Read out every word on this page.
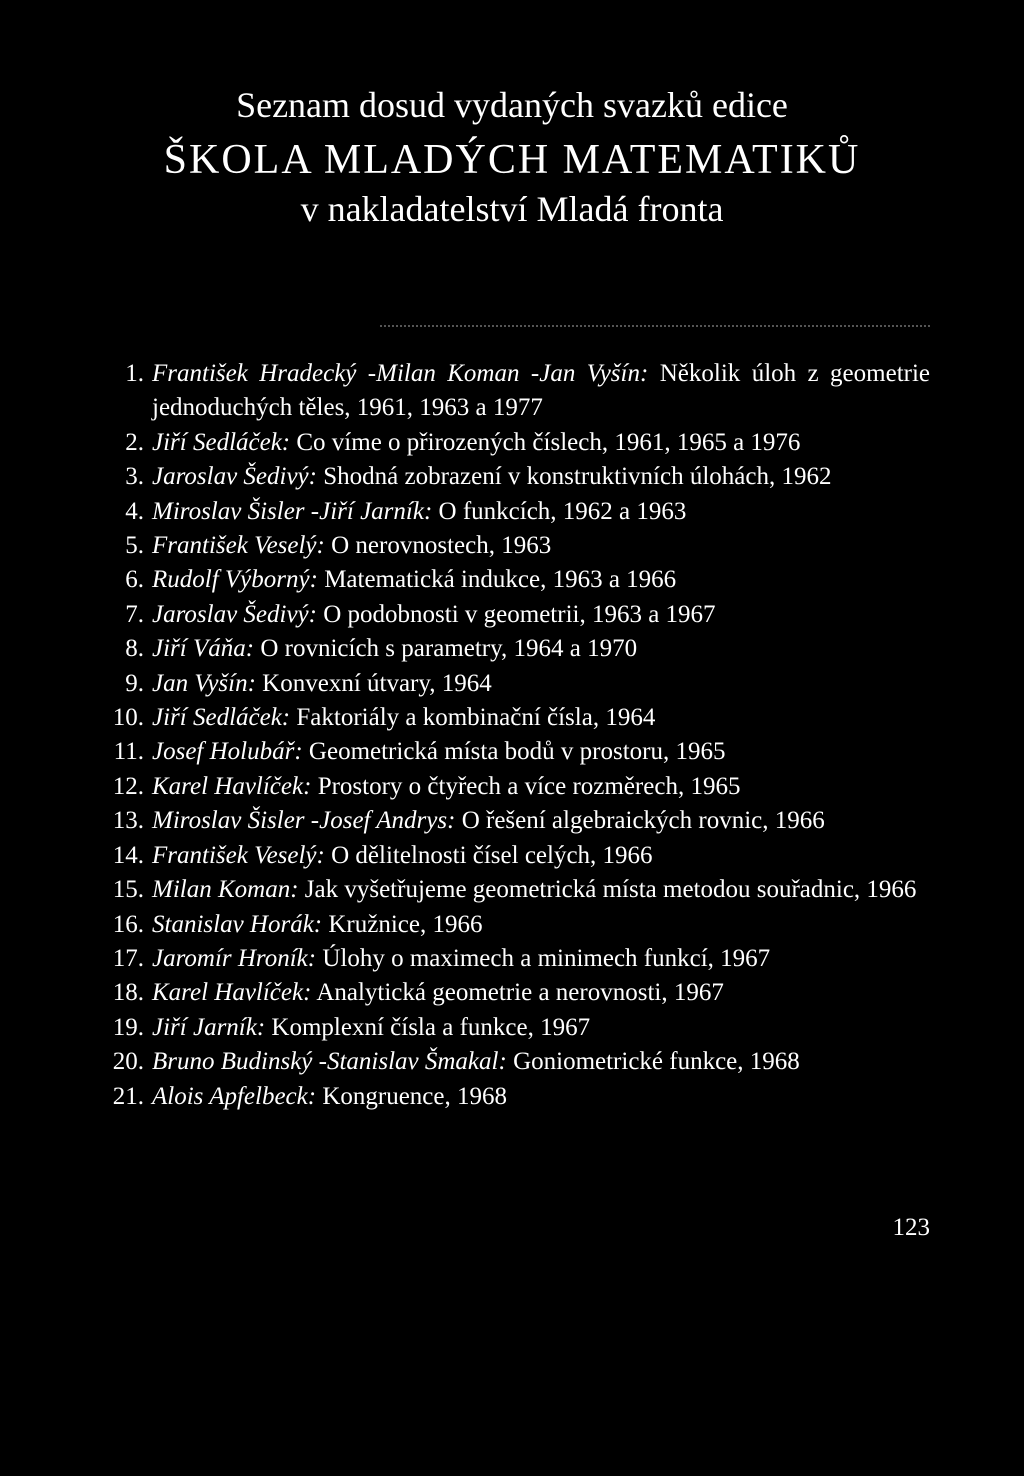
Seznam dosud vydaných svazků edice
ŠKOLA MLADÝCH MATEMATIKŮ
v nakladatelství Mladá fronta
1. František Hradecký -Milan Koman -Jan Vyšín: Několik úloh z geometrie jednoduchých těles, 1961, 1963 a 1977
2. Jiří Sedláček: Co víme o přirozených číslech, 1961, 1965 a 1976
3. Jaroslav Šedivý: Shodná zobrazení v konstruktivních úlohách, 1962
4. Miroslav Šisler -Jiří Jarník: O funkcích, 1962 a 1963
5. František Veselý: O nerovnostech, 1963
6. Rudolf Výborný: Matematická indukce, 1963 a 1966
7. Jaroslav Šedivý: O podobnosti v geometrii, 1963 a 1967
8. Jiří Váňa: O rovnicích s parametry, 1964 a 1970
9. Jan Vyšín: Konvexní útvary, 1964
10. Jiří Sedláček: Faktoriály a kombinační čísla, 1964
11. Josef Holubář: Geometrická místa bodů v prostoru, 1965
12. Karel Havlíček: Prostory o čtyřech a více rozměrech, 1965
13. Miroslav Šisler -Josef Andrys: O řešení algebraických rovnic, 1966
14. František Veselý: O dělitelnosti čísel celých, 1966
15. Milan Koman: Jak vyšetřujeme geometrická místa metodou souřadnic, 1966
16. Stanislav Horák: Kružnice, 1966
17. Jaromír Hroník: Úlohy o maximech a minimech funkcí, 1967
18. Karel Havlíček: Analytická geometrie a nerovnosti, 1967
19. Jiří Jarník: Komplexní čísla a funkce, 1967
20. Bruno Budinský -Stanislav Šmakal: Goniometrické funkce, 1968
21. Alois Apfelbeck: Kongruence, 1968
123
